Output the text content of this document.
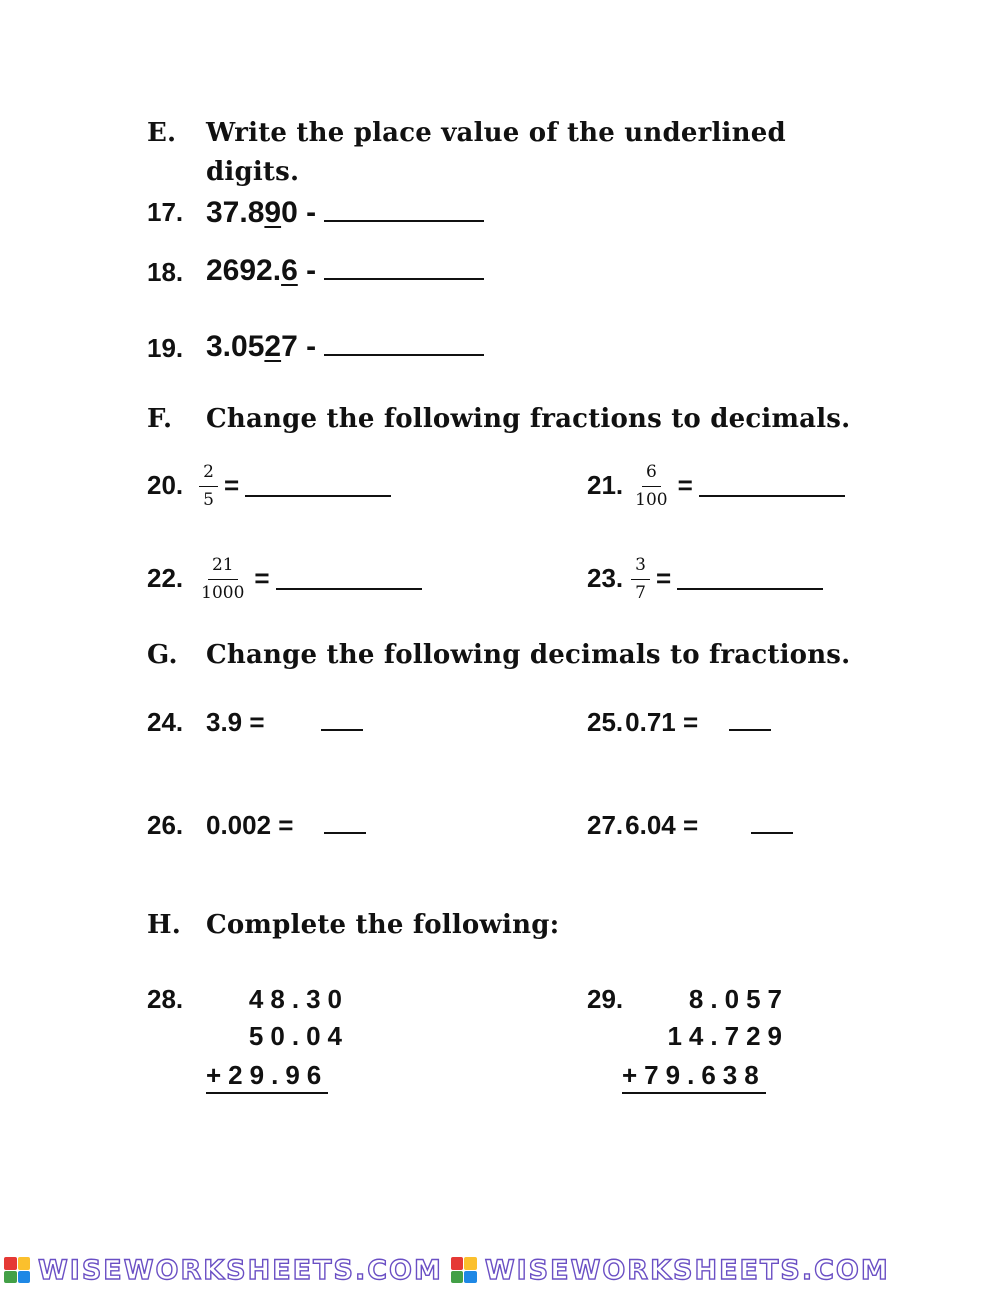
E. Write the place value of the underlined
digits.
17. 37.890 -
18. 2692.6 -
19. 3.0527 -
F. Change the following fractions to decimals.
20. $\frac{2}{5}$ =	21. $\frac{6}{100}$ =
22. $\frac{21}{1000}$ =	23. $\frac{3}{7}$ =
G. Change the following decimals to fractions.
24. 3.9 =	25.0.71 =
26. 0.002 =	27.6.04 =
H. Complete the following:
28.	48.30
50.04
+29.96
29.	8.057
14.729
+79.638
WISEWORKSHEETS.COM WISEWORKSHEETS.COM
